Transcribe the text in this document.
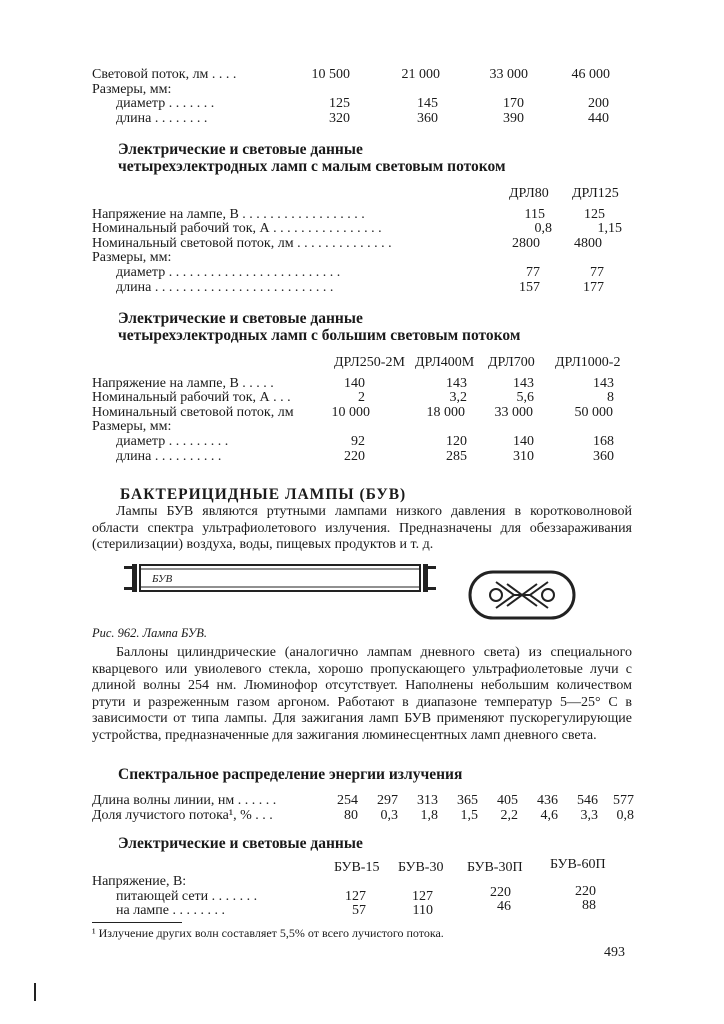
Световой поток, лм . . . .	10 500	21 000	33 000	46 000
Размеры, мм:
диаметр . . . . . . .	125	145	170	200
длина . . . . . . . .	320	360	390	440
Электрические и световые данные
четырехэлектродных ламп с малым световым потоком
ДРЛ80 ДРЛ125
Напряжение на лампе, В . . . . . . . . . . . . . . . . . .	115	125
Номинальный рабочий ток, А . . . . . . . . . . . . . . . .	0,8	1,15
Номинальный световой поток, лм . . . . . . . . . . . . . .	2800	4800
Размеры, мм:
диаметр . . . . . . . . . . . . . . . . . . . . . . . . .	77	77
длина . . . . . . . . . . . . . . . . . . . . . . . . . .	157	177
Электрические и световые данные
четырехэлектродных ламп с большим световым потоком
ДРЛ250-2М ДРЛ400М ДРЛ700 ДРЛ1000-2
Напряжение на лампе, В . . . . .	140	143	143	143
Номинальный рабочий ток, А . . .	2	3,2	5,6	8
Номинальный световой поток, лм	10 000	18 000	33 000	50 000
Размеры, мм:
диаметр . . . . . . . . .	92	120	140	168
длина . . . . . . . . . .	220	285	310	360
БАКТЕРИЦИДНЫЕ ЛАМПЫ (БУВ)
Лампы БУВ являются ртутными лампами низкого давления в коротковолновой области спектра ультрафиолетового излучения. Предназначены для обеззараживания (стерилизации) воздуха, воды, пищевых продуктов и т. д.
БУВ
Рис. 962. Лампа БУВ.
Баллоны цилиндрические (аналогично лампам дневного света) из специального кварцевого или увиолевого стекла, хорошо пропускающего ультрафиолетовые лучи с длиной волны 254 нм. Люминофор отсутствует. Наполнены небольшим количеством ртути и разреженным газом аргоном. Работают в диапазоне температур 5—25° С в зависимости от типа лампы. Для зажигания ламп БУВ применяют пускорегулирующие устройства, предназначенные для зажигания люминесцентных ламп дневного света.
Спектральное распределение энергии излучения
Длина волны линии, нм . . . . . .	254	297	313	365	405	436	546	577
Доля лучистого потока¹, % . . .	80	0,3	1,8	1,5	2,2	4,6	3,3	0,8
Электрические и световые данные
БУВ-15 БУВ-30 БУВ-30П БУВ-60П
Напряжение, В:
питающей сети . . . . . . .	127	127	220	220
на лампе . . . . . . . .	57	110	46	88
¹ Излучение других волн составляет 5,5% от всего лучистого потока.
493
